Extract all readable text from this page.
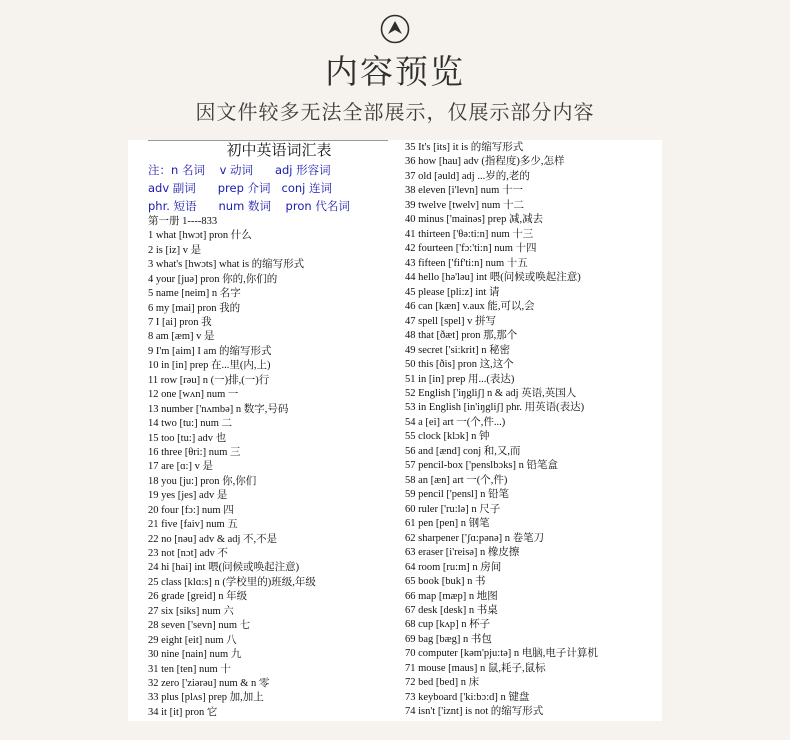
内容预览
因文件较多无法全部展示，仅展示部分内容
初中英语词汇表
注：n 名词    v 动词      adj 形容词
adv 副词      prep 介词   conj 连词
phr. 短语      num 数词    pron 代名词
第一册 1----833
1 what [hwɔt] pron 什么
2 is [iz] v 是
3 what's [hwɔts] what is 的缩写形式
4 your [juə] pron 你的,你们的
5 name [neim] n 名字
6 my [mai] pron 我的
7 I [ai] pron 我
8 am [æm] v 是
9 I'm [aim] I am 的缩写形式
10 in [in] prep 在...里(内,上)
11 row [rəu] n (一)排,(一)行
12 one [wʌn] num 一
13 number ['nʌmbə] n 数字,号码
14 two [tu:] num 二
15 too [tu:] adv 也
16 three [θri:] num 三
17 are [ɑ:] v 是
18 you [ju:] pron 你,你们
19 yes [jes] adv 是
20 four [fɔ:] num 四
21 five [faiv] num 五
22 no [nəu] adv & adj 不,不是
23 not [nɔt] adv 不
24 hi [hai] int 喂(问候或唤起注意)
25 class [klɑ:s] n (学校里的)班级,年级
26 grade [greid] n 年级
27 six [siks] num 六
28 seven ['sevn] num 七
29 eight [eit] num 八
30 nine [nain] num 九
31 ten [ten] num 十
32 zero ['ziərəu] num & n 零
33 plus [plʌs] prep 加,加上
34 it [it] pron 它
35 It's [its] it is 的缩写形式
36 how [hau] adv (指程度)多少,怎样
37 old [əuld] adj ...岁的,老的
38 eleven [i'levn] num 十一
39 twelve [twelv] num 十二
40 minus ['mainəs] prep 减,减去
41 thirteen ['θə:ti:n] num 十三
42 fourteen ['fɔ:'ti:n] num 十四
43 fifteen ['fif'ti:n] num 十五
44 hello [hə'ləu] int 喂(问候或唤起注意)
45 please [pli:z] int 请
46 can [kæn] v.aux 能,可以,会
47 spell [spel] v 拼写
48 that [ðæt] pron 那,那个
49 secret ['si:krit] n 秘密
50 this [ðis] pron 这,这个
51 in [in] prep 用...(表达)
52 English ['iŋgliʃ] n & adj 英语,英国人
53 in English [in'iŋgliʃ] phr. 用英语(表达)
54 a [ei] art 一(个,件...)
55 clock [klɔk] n 钟
56 and [ænd] conj 和,又,而
57 pencil-box ['penslbɔks] n 铅笔盒
58 an [æn] art 一(个,件)
59 pencil ['pensl] n 铅笔
60 ruler ['ru:lə] n 尺子
61 pen [pen] n 钢笔
62 sharpener ['ʃɑ:pənə] n 卷笔刀
63 eraser [i'reisə] n 橡皮擦
64 room [ru:m] n 房间
65 book [buk] n 书
66 map [mæp] n 地图
67 desk [desk] n 书桌
68 cup [kʌp] n 杯子
69 bag [bæg] n 书包
70 computer [kəm'pju:tə] n 电脑,电子计算机
71 mouse [maus] n 鼠,耗子,鼠标
72 bed [bed] n 床
73 keyboard ['ki:bɔ:d] n 键盘
74 isn't ['iznt] is not 的缩写形式
